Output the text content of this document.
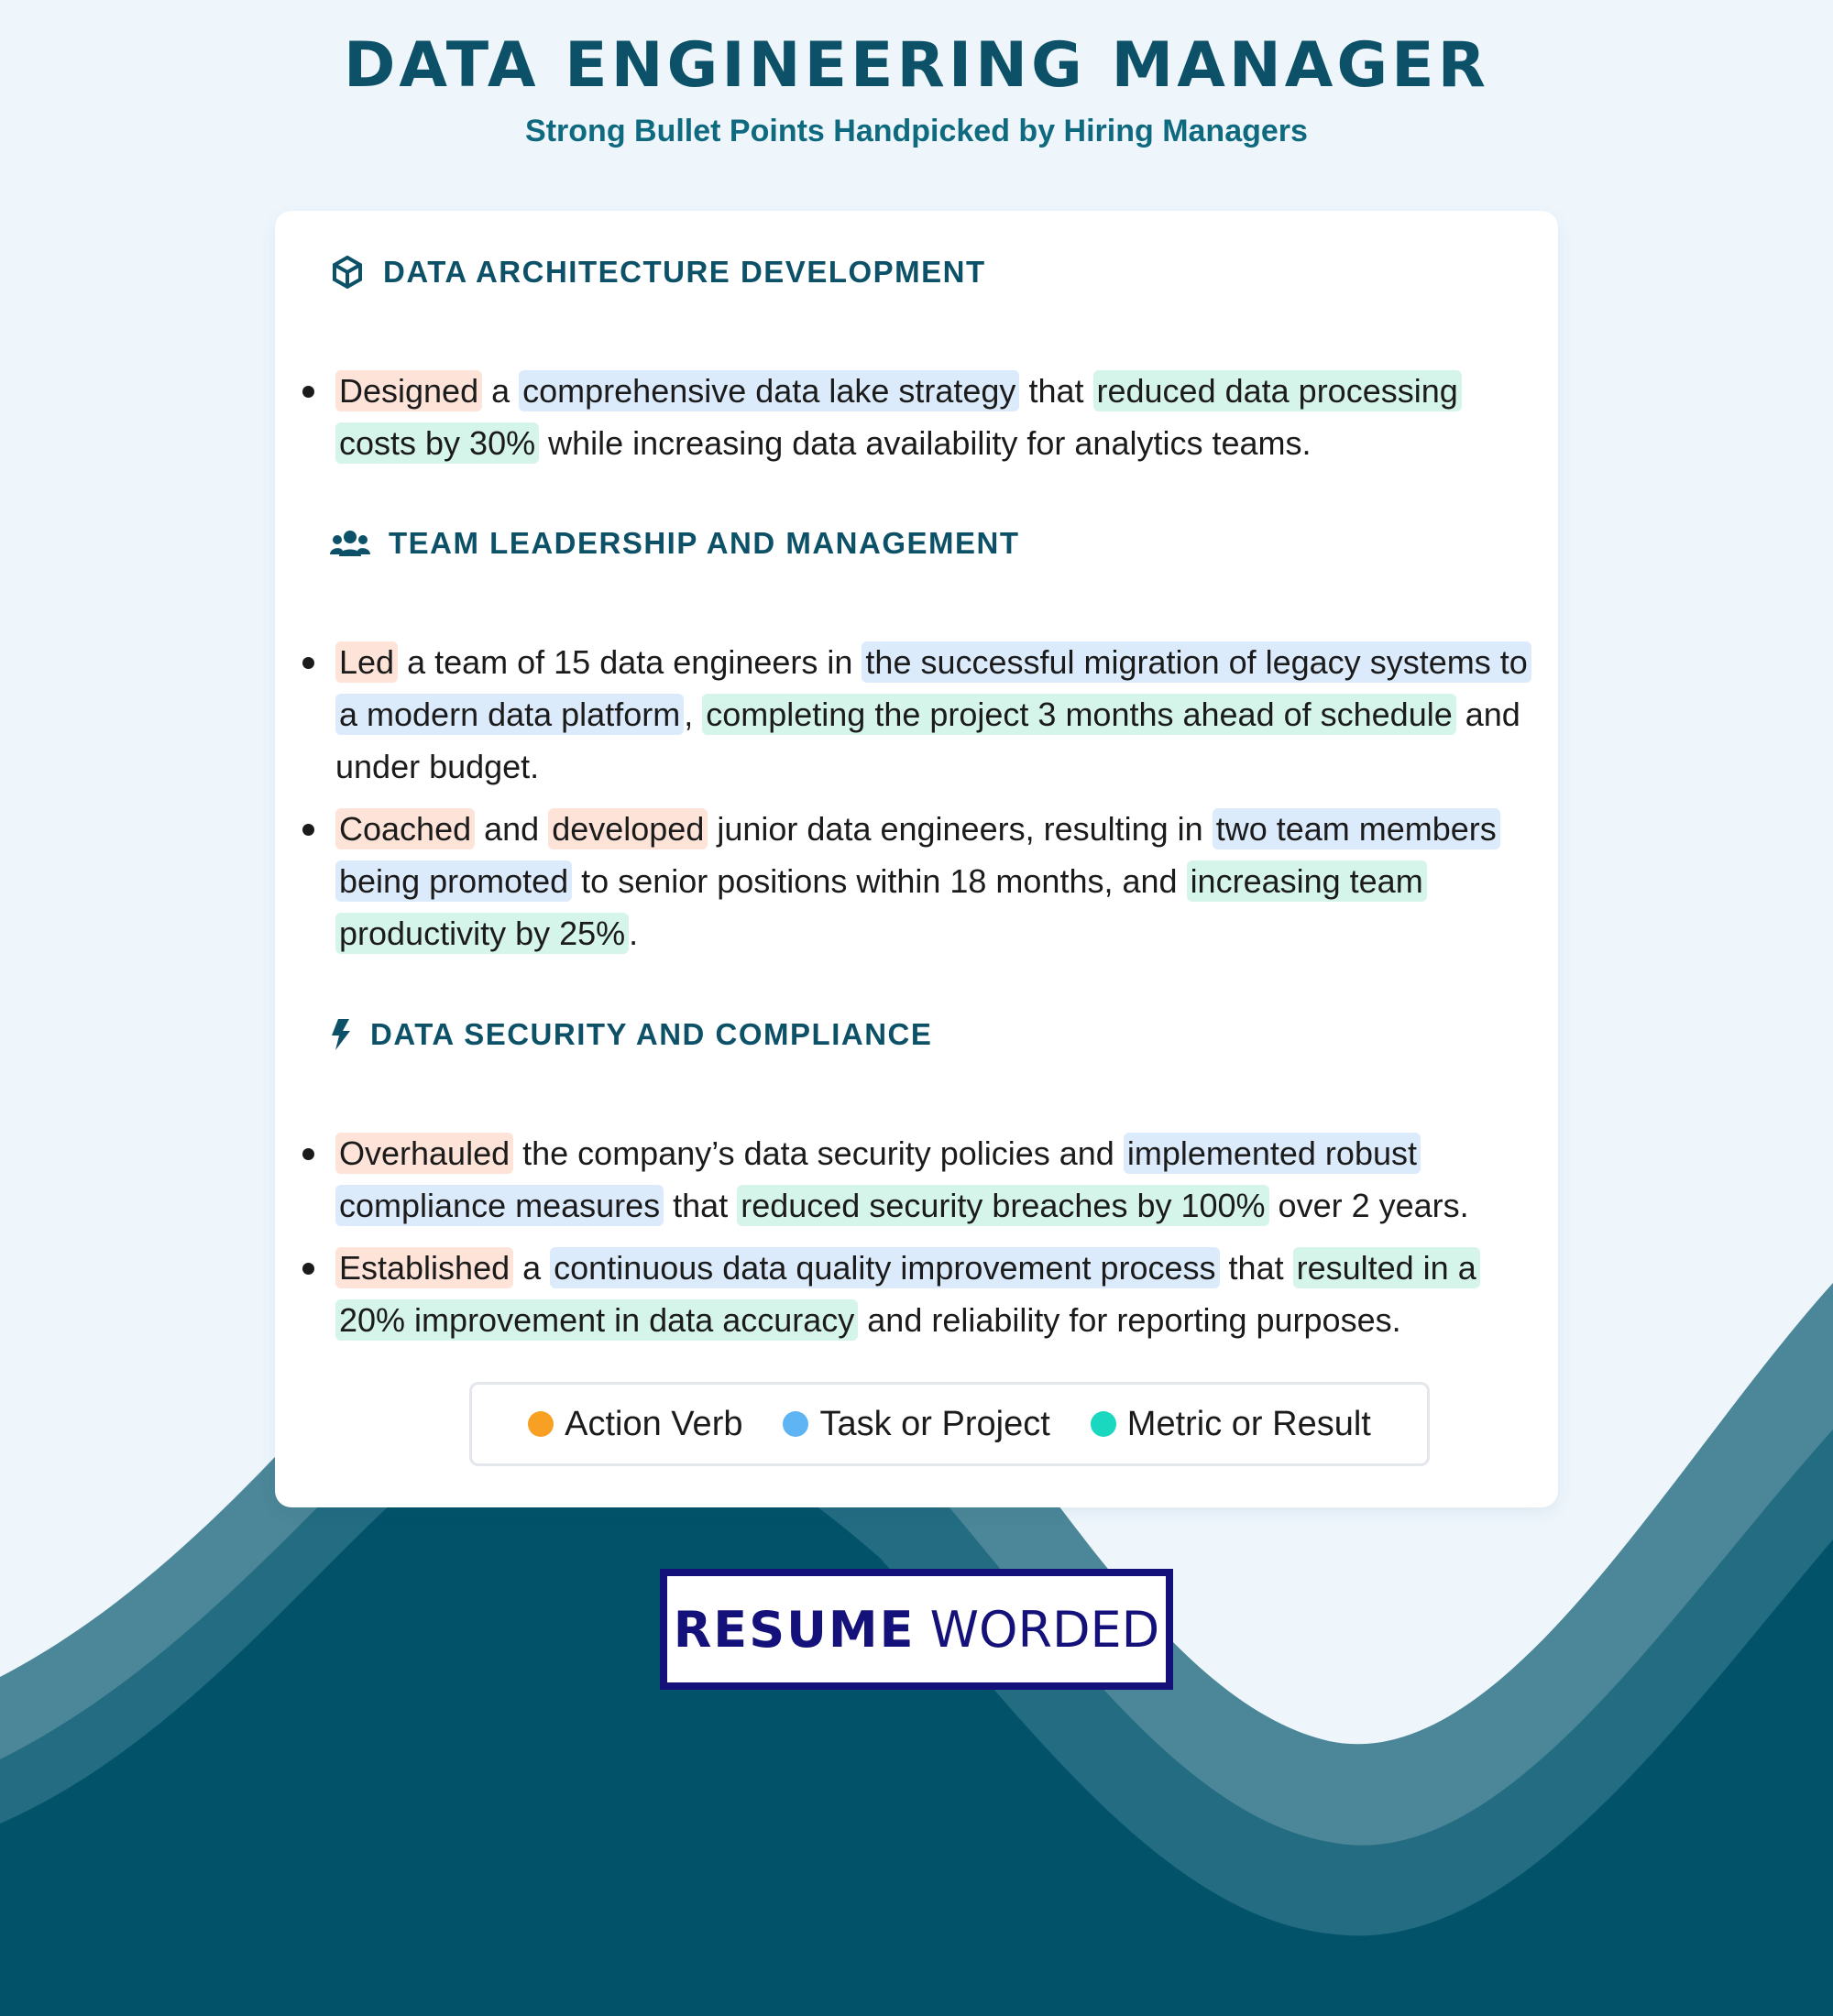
DATA ENGINEERING MANAGER
Strong Bullet Points Handpicked by Hiring Managers
DATA ARCHITECTURE DEVELOPMENT
Designed a comprehensive data lake strategy that reduced data processing costs by 30% while increasing data availability for analytics teams.
TEAM LEADERSHIP AND MANAGEMENT
Led a team of 15 data engineers in the successful migration of legacy systems to a modern data platform , completing the project 3 months ahead of schedule and under budget.
Coached and developed junior data engineers, resulting in two team members being promoted to senior positions within 18 months, and increasing team productivity by 25% .
DATA SECURITY AND COMPLIANCE
Overhauled the company’s data security policies and implemented robust compliance measures that reduced security breaches by 100% over 2 years.
Established a continuous data quality improvement process that resulted in a 20% improvement in data accuracy and reliability for reporting purposes.
Action Verb Task or Project Metric or Result
RESUME WORDED
